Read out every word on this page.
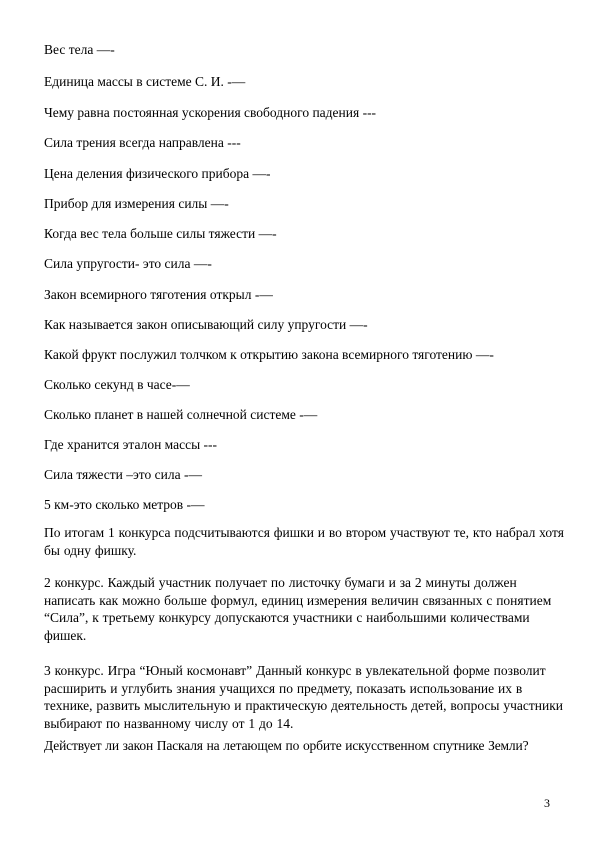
Вес тела —-
Единица массы в системе С. И. -—
Чему равна постоянная ускорения свободного падения ---
Сила трения всегда направлена ---
Цена деления физического прибора —-
Прибор для измерения силы —-
Когда вес тела больше силы тяжести —-
Сила упругости- это сила —-
Закон всемирного тяготения открыл -—
Как называется закон описывающий силу упругости —-
Какой фрукт послужил толчком к открытию закона всемирного тяготению —-
Сколько секунд в часе-—
Сколько планет в нашей солнечной системе -—
Где хранится эталон массы ---
Сила тяжести –это сила -—
5 км-это сколько метров -—
По итогам 1 конкурса подсчитываются фишки и во втором участвуют те, кто набрал хотя бы одну фишку.
2 конкурс. Каждый участник получает по листочку бумаги и за 2 минуты должен написать как можно больше формул, единиц измерения величин связанных с понятием “Сила”, к третьему конкурсу допускаются участники с наибольшими количествами фишек.
3 конкурс. Игра “Юный космонавт” Данный конкурс в увлекательной форме позволит расширить и углубить знания учащихся по предмету, показать использование их в технике, развить мыслительную и практическую деятельность детей, вопросы участники выбирают по названному числу от 1 до 14.
Действует ли закон Паскаля на летающем по орбите искусственном спутнике Земли?
3
